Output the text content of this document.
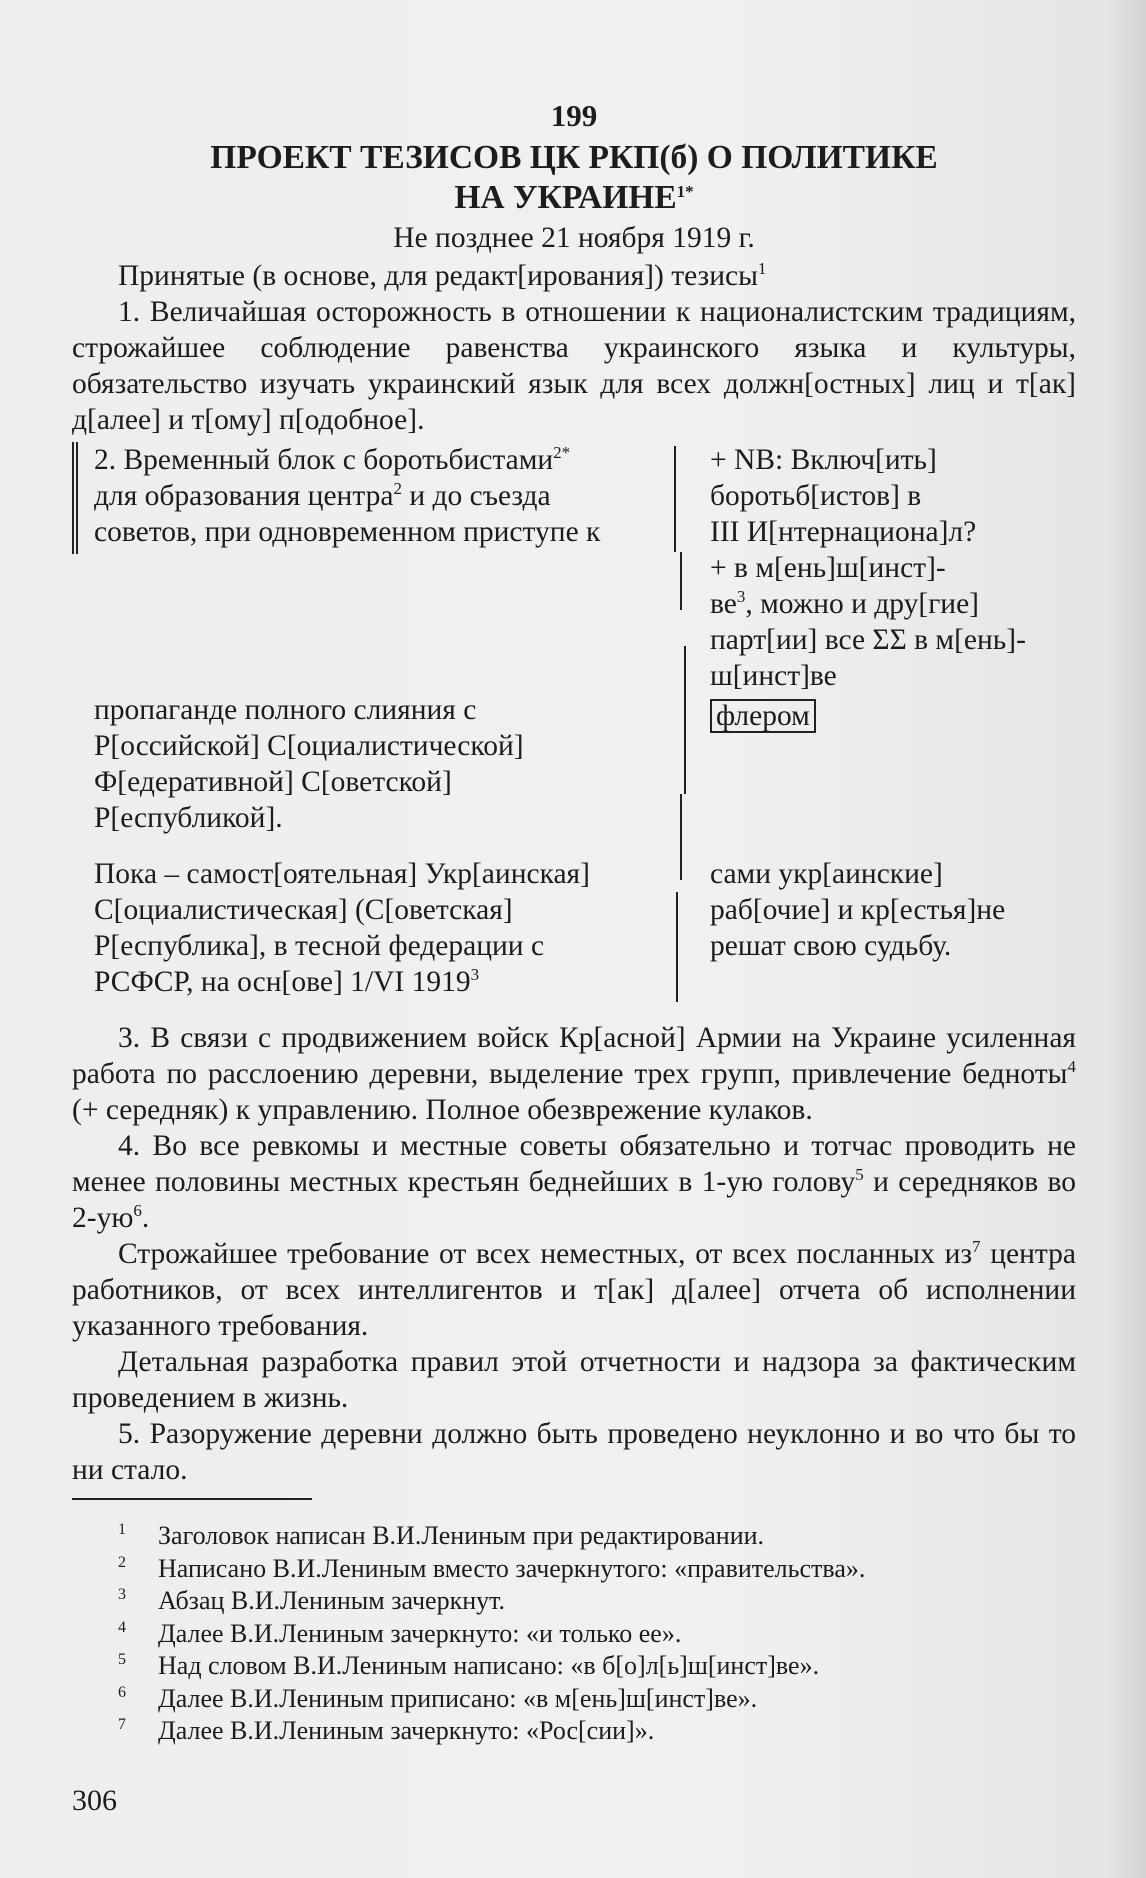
199
ПРОЕКТ ТЕЗИСОВ ЦК РКП(б) О ПОЛИТИКЕ
НА $УКРАИНЕ^{1*}$
Не позднее 21 ноября 1919 г.

Принятые (в основе, для редакт[ирования]) тезисы$^1$

1. Величайшая осторожность в отношении к националистским традициям, строжайшее соблюдение равенства украинского языка и культуры, обязательство изучать украинский язык для всех должн[остных] лиц и т[ак] д[алее] и т[ому] п[одобное].

2. Временный блок с боротьбистами$^{2*}$
для образования центра$^2$ и до съезда
советов, при одновременном приступе к
пропаганде полного слияния с
Р[оссийской] С[оциалистической]
Ф[едеративной] С[оветской]
Р[еспубликой].
+ NB: Включ[ить]
боротьб[истов] в
III И[нтернациона]л?
+ в м[ень]ш[инст]-
$ве^3$, можно и дру[гие]
парт[ии] все ΣΣ в м[ень]-
ш[инст]ве
флером
Пока – самост[оятельная] Укр[аинская]
С[оциалистическая] (С[оветская]
Р[еспублика], в тесной федерации с
РСФСР, на осн[ове] 1/VI 1919$^3$
сами укр[аинские]
раб[очие] и кр[естья]не
решат свою судьбу.

3. В связи с продвижением войск Кр[асной] Армии на Украине усиленная работа по расслоению деревни, выделение трех групп, привлечение бедноты$^4$ (+ середняк) к управлению. Полное обезврежение кулаков.

4. Во все ревкомы и местные советы обязательно и тотчас проводить не менее половины местных крестьян беднейших в 1-ую голову$^5$ и середняков во $2-ую^6$.

Строжайшее требование от всех неместных, от всех посланных $из^7$ центра работников, от всех интеллигентов и т[ак] д[алее] отчета об исполнении указанного требования.

Детальная разработка правил этой отчетности и надзора за фактическим проведением в жизнь.

5. Разоружение деревни должно быть проведено неуклонно и во что бы то ни стало.

1 Заголовок написан В.И.Лениным при редактировании.
2 Написано В.И.Лениным вместо зачеркнутого: «правительства».
3 Абзац В.И.Лениным зачеркнут.
4 Далее В.И.Лениным зачеркнуто: «и только ее».
5 Над словом В.И.Лениным написано: «в б[о]л[ь]ш[инст]ве».
6 Далее В.И.Лениным приписано: «в м[ень]ш[инст]ве».
7 Далее В.И.Лениным зачеркнуто: «Рос[сии]».
306
